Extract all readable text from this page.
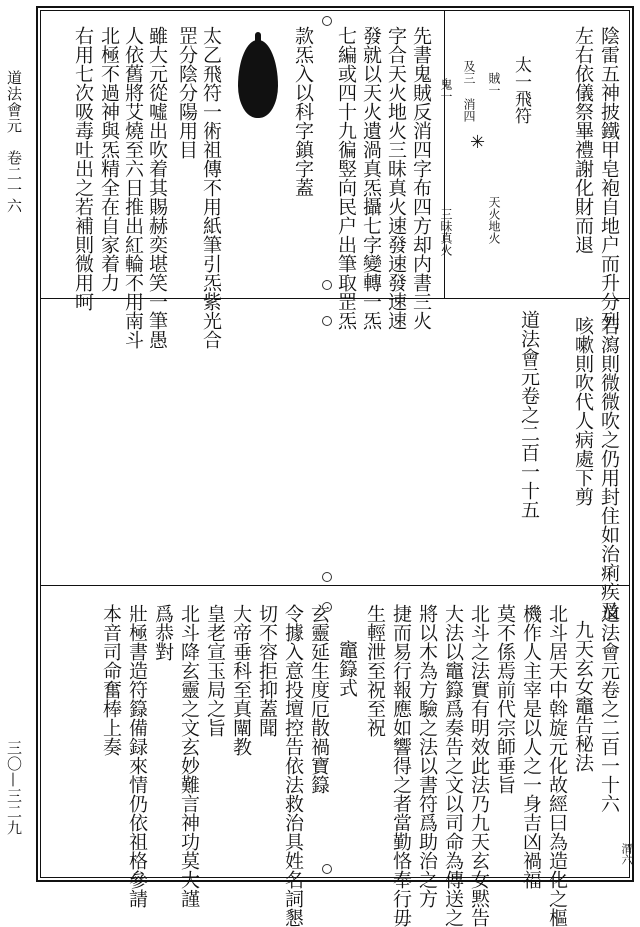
道法會元　卷二一六
三〇—三二九
陰雷五神披鐵甲皂袍自地户而升分列
左右依儀祭畢禮謝化財而退
太一飛符
賊一
天火地火
及三
鬼一
消四
三昧真火
✳
先書鬼賊反消四字布四方却内書三火
字合天火地火三昧真火速發速發速速
發就以天火遺渦真炁攝七字變轉一炁
七編或四十九徧竪向民户出筆取罡炁
款炁入以科字鎮字蓋
太乙飛符一術祖傳不用紙筆引炁紫光合
罡分陰分陽用目
雖大元從噓出吹着其賜赫奕堪笑一筆愚
人依舊將艾燒至六日推出紅輪不用南斗
北極不過神與炁精全在自家着力
右用七次吸毒吐出之若補則微用呵
若瀉則微微吹之仍用封住如治痢疾及
咳嗽則吹代人病處下剪
道法會元卷之二百一十五
道法會元卷之二百一十六
九天玄女竈告秘法
北斗居天中斡旋元化故經曰為造化之樞
機作人主宰是以人之一身吉凶禍福
莫不係焉前代宗師垂旨
北斗之法實有明效此法乃九天玄女黙告
大法以竈籙爲奏告之文以司命為傳送之
將以木為方驗之法以書符爲助治之方
捷而易行報應如響得之者當勤恪奉行毋
生輕泄至祝至祝
竈籙式
玄靈延生度厄散禍寶籙
令據入意投壇控告依法救治具姓名詞懇
切不容拒抑蓋聞
大帝垂科至真闡教
皇老宣玉局之旨
北斗降玄靈之文玄妙難言神功莫大謹
爲恭對
壯極書造符籙備録來情仍依祖格參請
本音司命奮棒上奏
渭六
